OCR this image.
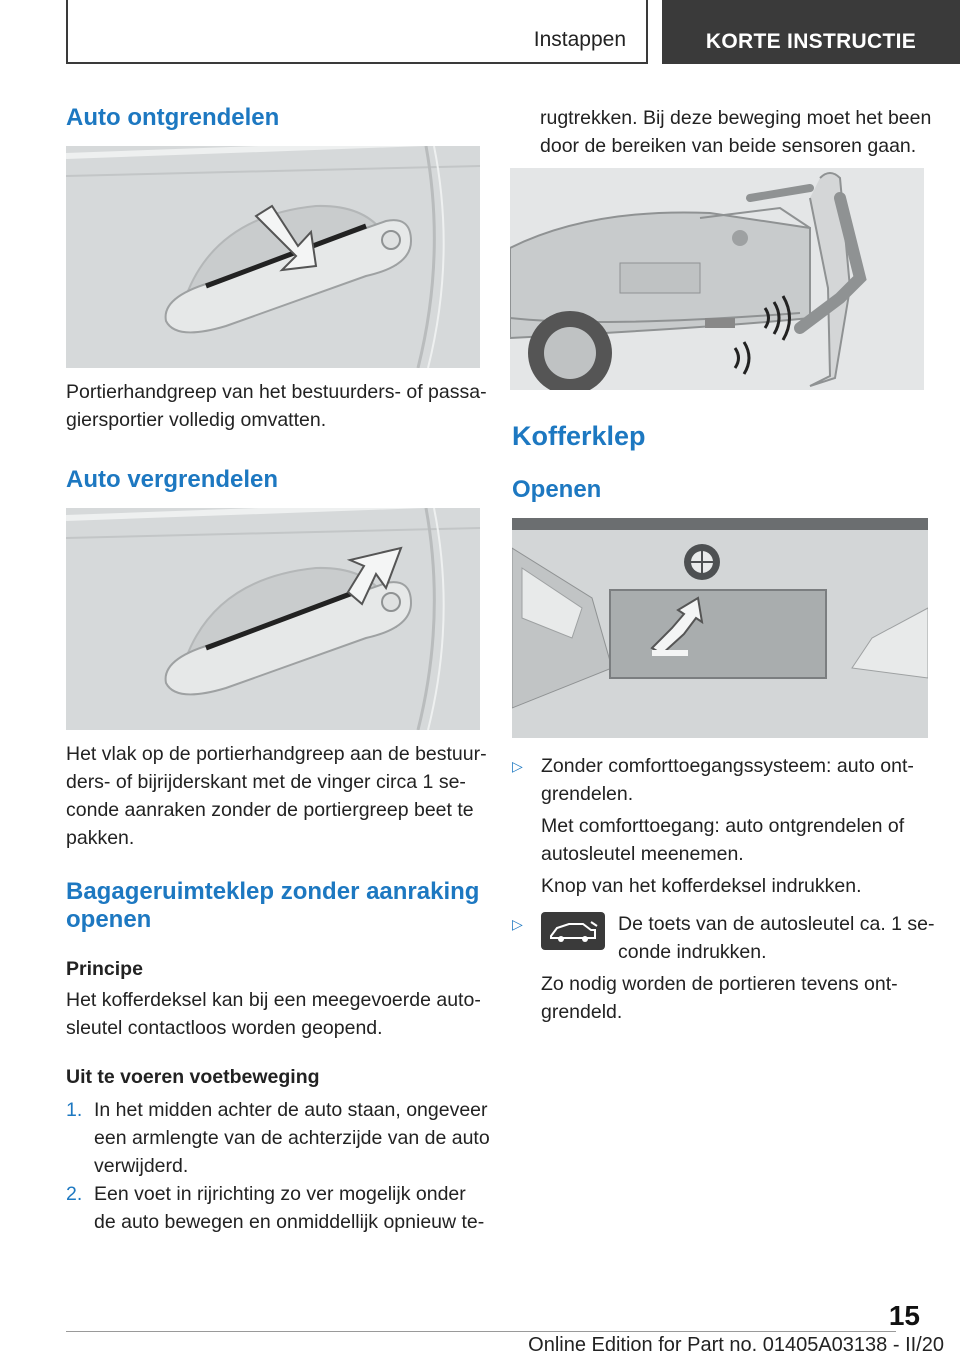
Instappen	KORTE INSTRUCTIE
Auto ontgrendelen
Portierhandgreep van het bestuurders- of passa-
giersportier volledig omvatten.
Auto vergrendelen
Het vlak op de portierhandgreep aan de bestuur-
ders- of bijrijderskant met de vinger circa 1 se-
conde aanraken zonder de portiergreep beet te
pakken.
Bagageruimteklep zonder aanraking
openen
Principe
Het kofferdeksel kan bij een meegevoerde auto-
sleutel contactloos worden geopend.
Uit te voeren voetbeweging
1. In het midden achter de auto staan, ongeveer
een armlengte van de achterzijde van de auto
verwijderd.
2. Een voet in rijrichting zo ver mogelijk onder
de auto bewegen en onmiddellijk opnieuw te-
rugtrekken. Bij deze beweging moet het been
door de bereiken van beide sensoren gaan.
Kofferklep
Openen
▷ Zonder comforttoegangssysteem: auto ont-
grendelen.
Met comforttoegang: auto ontgrendelen of
autosleutel meenemen.
Knop van het kofferdeksel indrukken.
▷	De toets van de autosleutel ca. 1 se-
conde indrukken.
Zo nodig worden de portieren tevens ont-
grendeld.
15
Online Edition for Part no. 01405A03138 - II/20
